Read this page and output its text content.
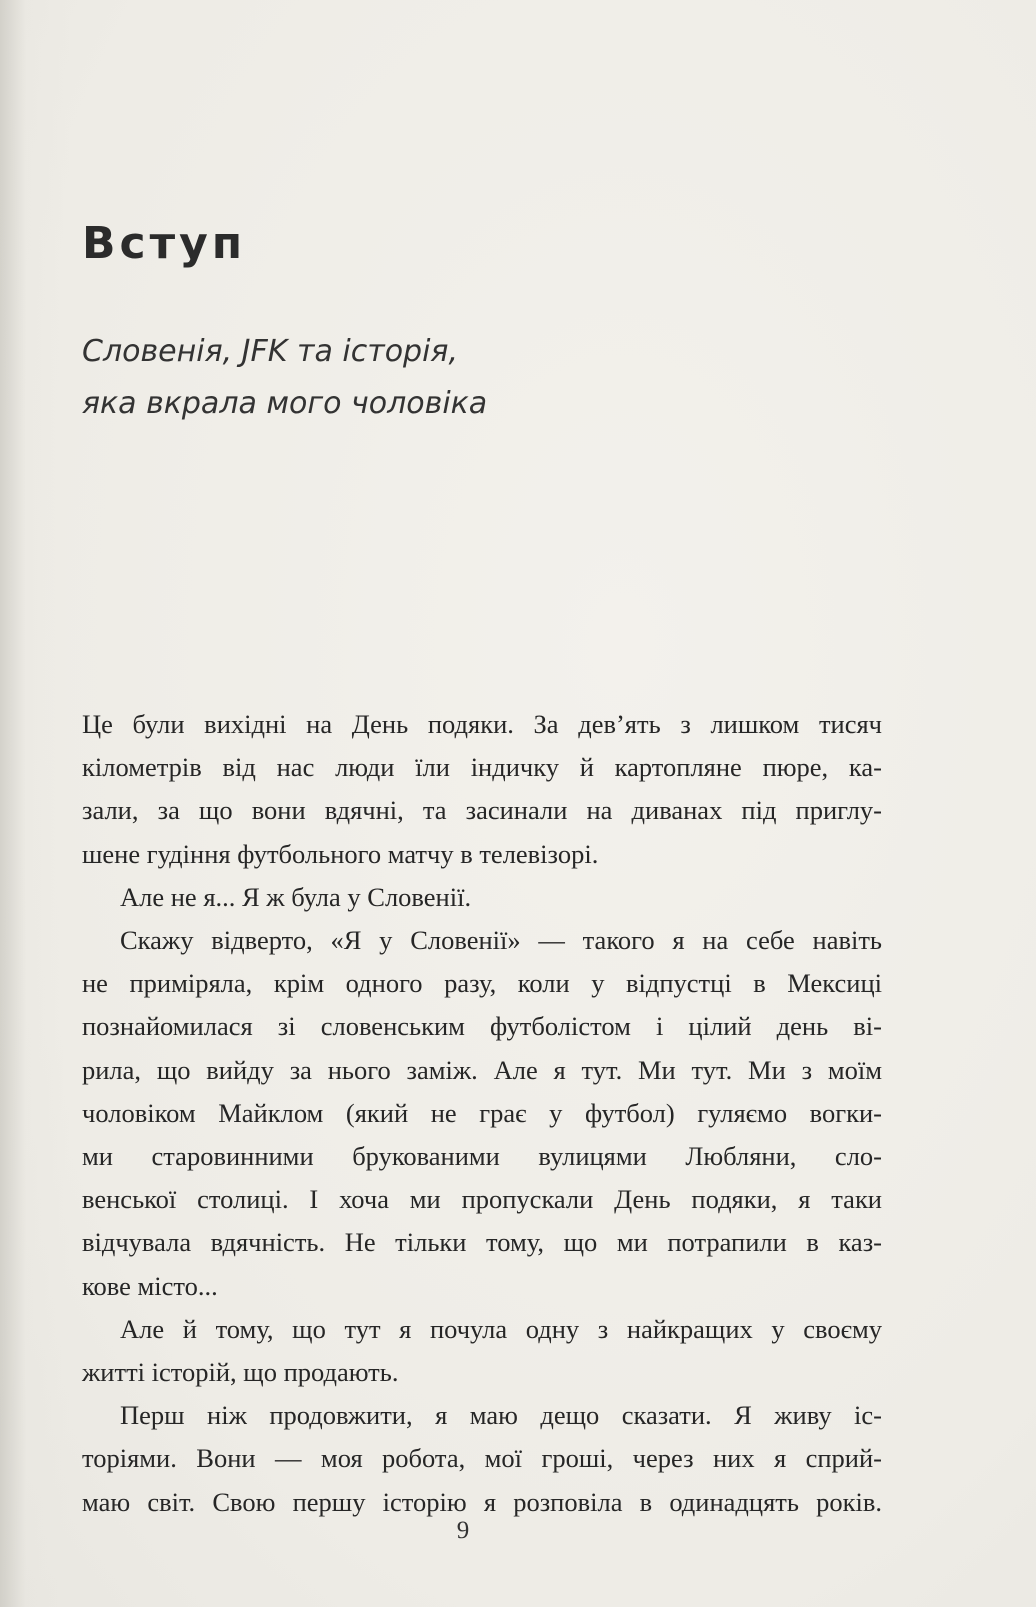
Вступ
Словенія, JFK та історія,
яка вкрала мого чоловіка
Це були вихідні на День подяки. За дев’ять з лишком тисяч
кілометрів від нас люди їли індичку й картопляне пюре, ка-
зали, за що вони вдячні, та засинали на диванах під приглу-
шене гудіння футбольного матчу в телевізорі.
Але не я... Я ж була у Словенії.
Скажу відверто, «Я у Словенії» — такого я на себе навіть
не приміряла, крім одного разу, коли у відпустці в Мексиці
познайомилася зі словенським футболістом і цілий день ві-
рила, що вийду за нього заміж. Але я тут. Ми тут. Ми з моїм
чоловіком Майклом (який не грає у футбол) гуляємо вогки-
ми старовинними брукованими вулицями Любляни, сло-
венської столиці. І хоча ми пропускали День подяки, я таки
відчувала вдячність. Не тільки тому, що ми потрапили в каз-
кове місто...
Але й тому, що тут я почула одну з найкращих у своєму
житті історій, що продають.
Перш ніж продовжити, я маю дещо сказати. Я живу іс-
торіями. Вони — моя робота, мої гроші, через них я сприй-
маю світ. Свою першу історію я розповіла в одинадцять років.
9
